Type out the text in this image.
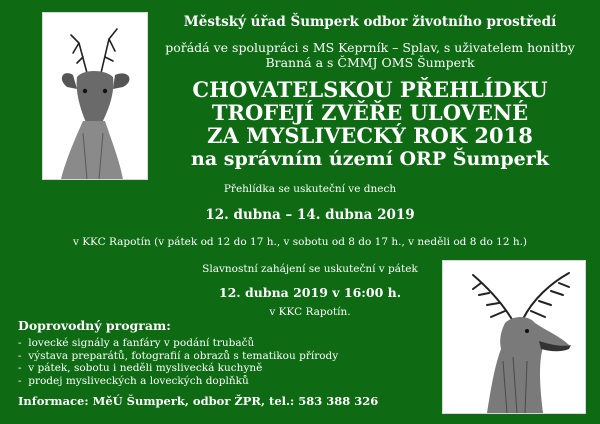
Městský úřad Šumperk odbor životního prostředí
pořádá ve spolupráci s MS Keprník – Splav, s uživatelem honitby Branná a s ČMMJ OMS Šumperk
CHOVATELSKOU PŘEHLÍDKU
TROFEJÍ ZVĚŘE ULOVENÉ
ZA MYSLIVECKÝ ROK 2018
na správním území ORP Šumperk
Přehlídka se uskuteční ve dnech
12. dubna – 14. dubna 2019
v KKC Rapotín (v pátek od 12 do 17 h., v sobotu od 8 do 17 h., v neděli od 8 do 12 h.)
Slavnostní zahájení se uskuteční v pátek
12. dubna 2019 v 16:00 h.
v KKC Rapotín.
Doprovodný program:
- lovecké signály a fanfáry v podání trubačů
- výstava preparátů, fotografií a obrazů s tematikou přírody
- v pátek, sobotu i neděli myslivecká kuchyně
- prodej mysliveckých a loveckých doplňků
Informace: MěÚ Šumperk, odbor ŽPR, tel.: 583 388 326
